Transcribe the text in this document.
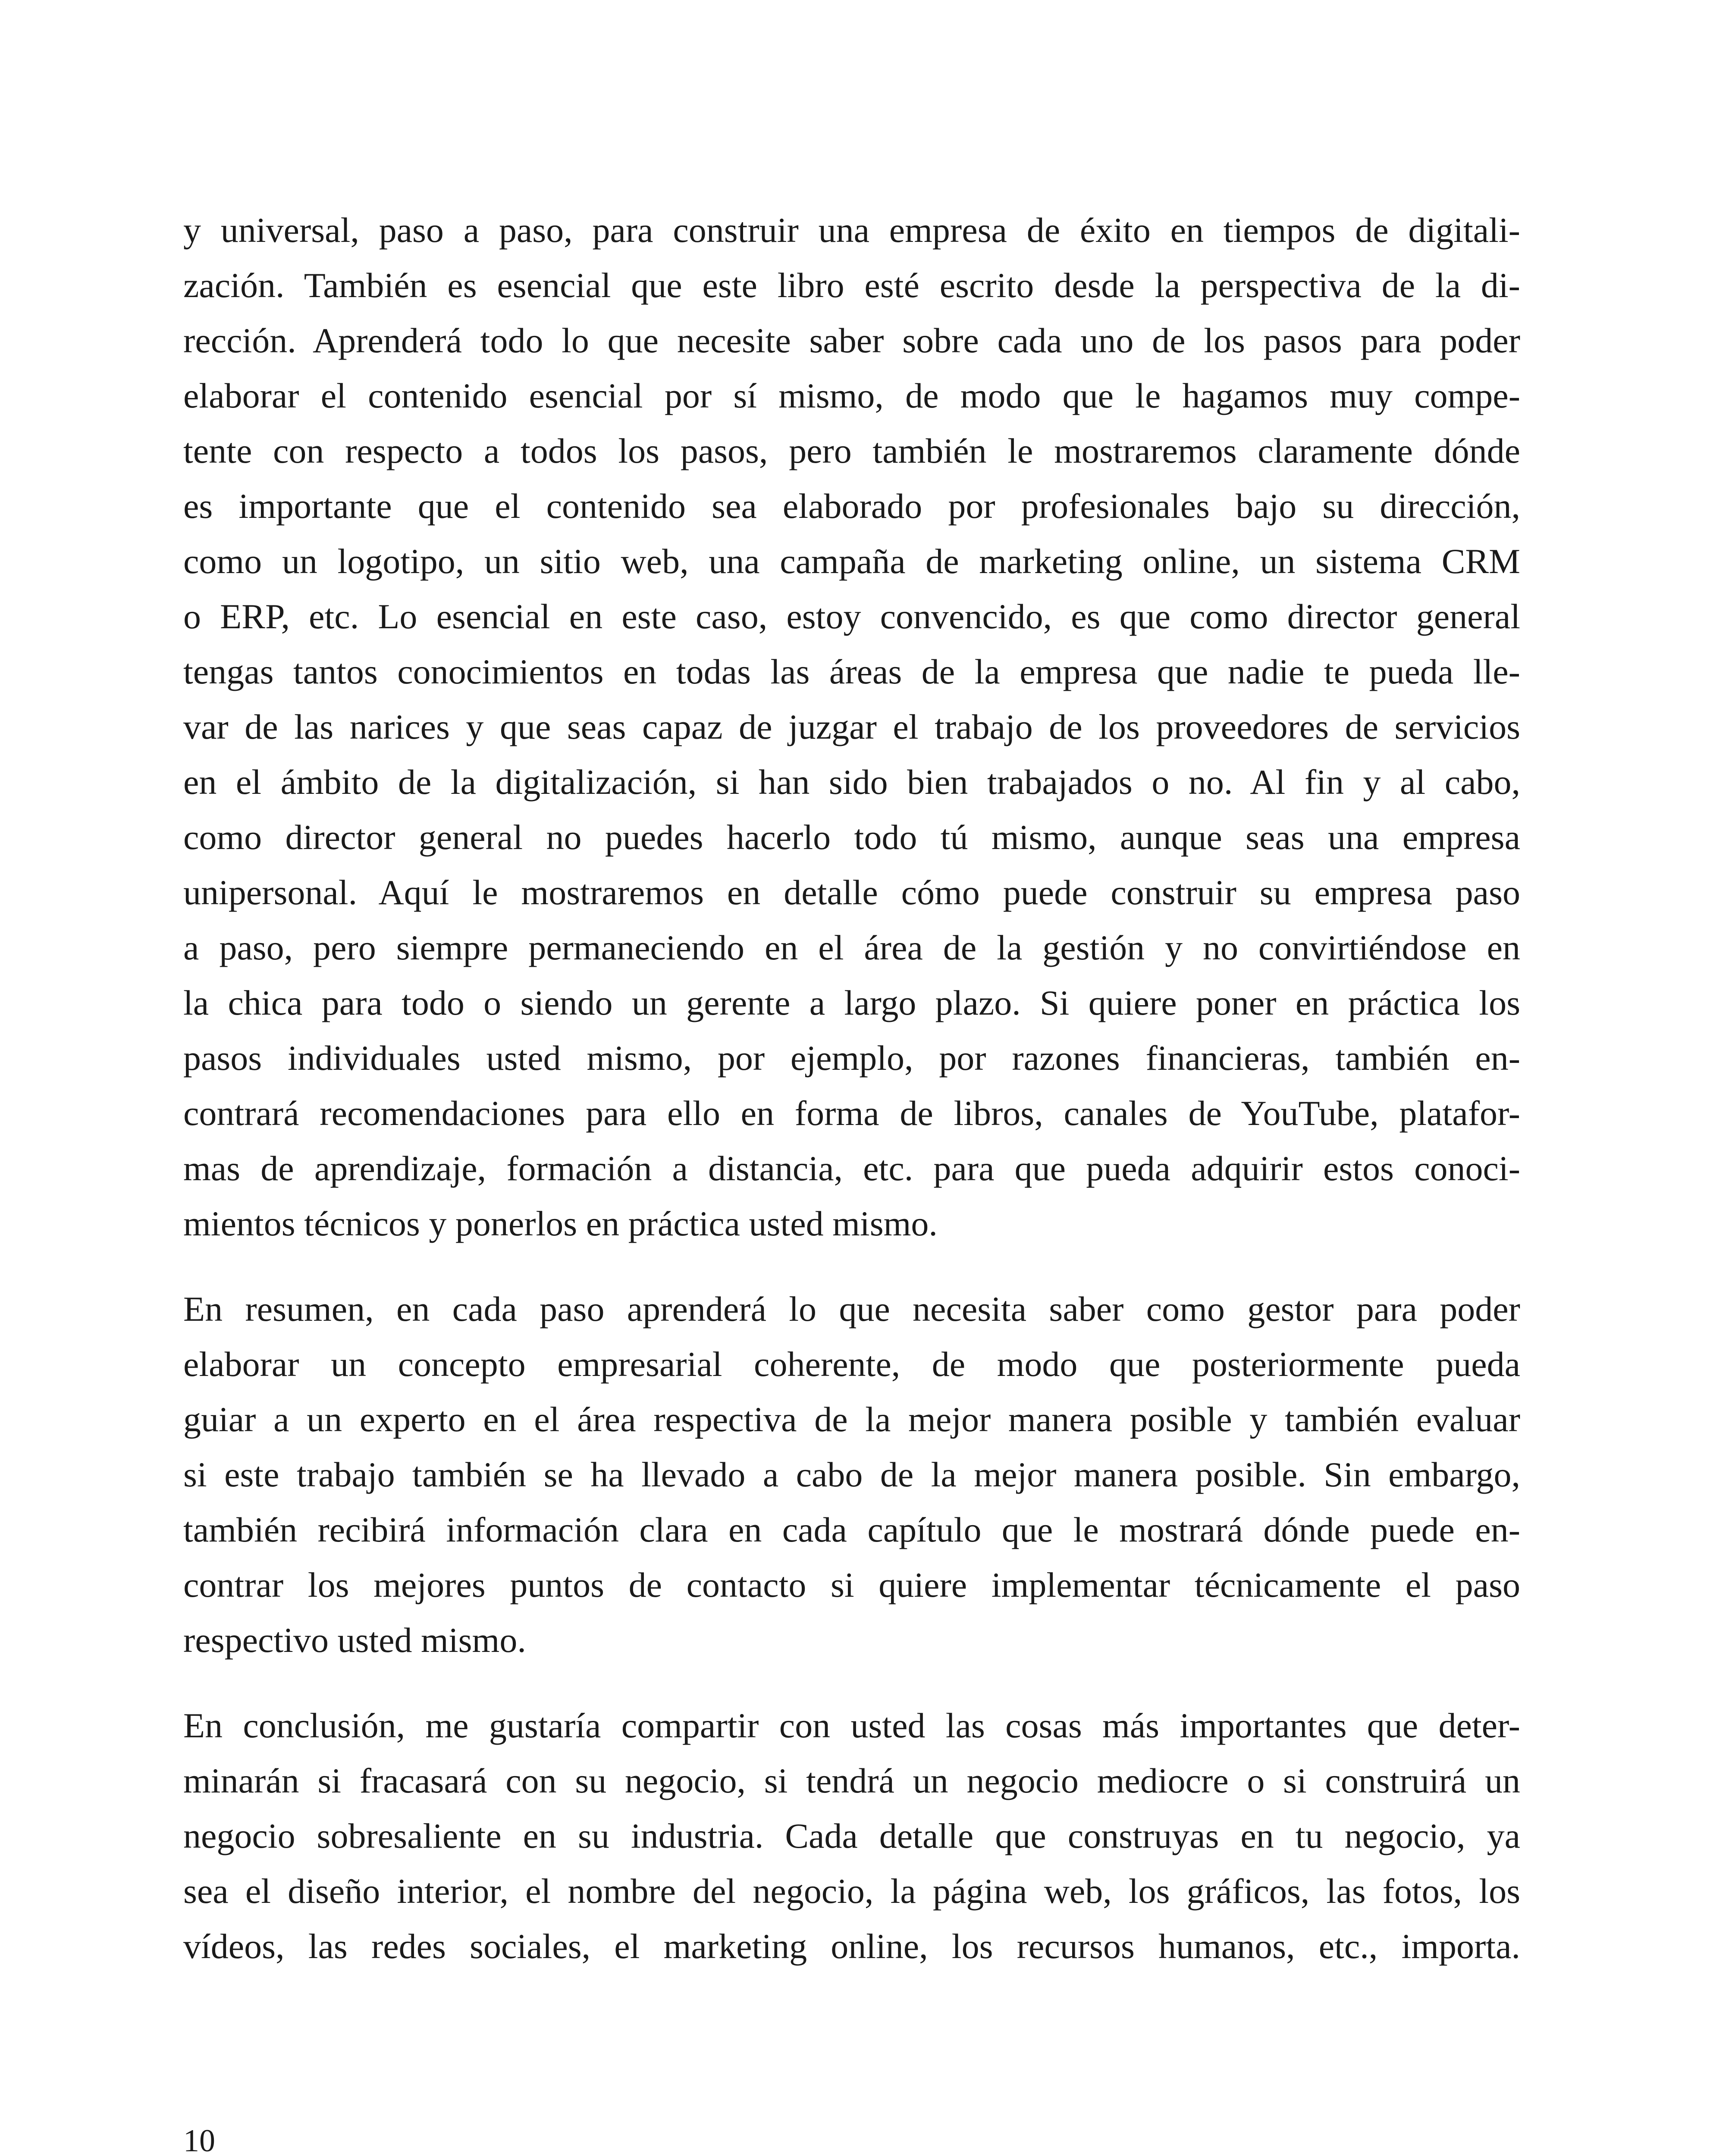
y universal, paso a paso, para construir una empresa de éxito en tiempos de digitali-
zación. También es esencial que este libro esté escrito desde la perspectiva de la di-
rección. Aprenderá todo lo que necesite saber sobre cada uno de los pasos para poder
elaborar el contenido esencial por sí mismo, de modo que le hagamos muy compe-
tente con respecto a todos los pasos, pero también le mostraremos claramente dónde
es importante que el contenido sea elaborado por profesionales bajo su dirección,
como un logotipo, un sitio web, una campaña de marketing online, un sistema CRM
o ERP, etc. Lo esencial en este caso, estoy convencido, es que como director general
tengas tantos conocimientos en todas las áreas de la empresa que nadie te pueda lle-
var de las narices y que seas capaz de juzgar el trabajo de los proveedores de servicios
en el ámbito de la digitalización, si han sido bien trabajados o no. Al fin y al cabo,
como director general no puedes hacerlo todo tú mismo, aunque seas una empresa
unipersonal. Aquí le mostraremos en detalle cómo puede construir su empresa paso
a paso, pero siempre permaneciendo en el área de la gestión y no convirtiéndose en
la chica para todo o siendo un gerente a largo plazo. Si quiere poner en práctica los
pasos individuales usted mismo, por ejemplo, por razones financieras, también en-
contrará recomendaciones para ello en forma de libros, canales de YouTube, platafor-
mas de aprendizaje, formación a distancia, etc. para que pueda adquirir estos conoci-
mientos técnicos y ponerlos en práctica usted mismo.
En resumen, en cada paso aprenderá lo que necesita saber como gestor para poder
elaborar un concepto empresarial coherente, de modo que posteriormente pueda
guiar a un experto en el área respectiva de la mejor manera posible y también evaluar
si este trabajo también se ha llevado a cabo de la mejor manera posible. Sin embargo,
también recibirá información clara en cada capítulo que le mostrará dónde puede en-
contrar los mejores puntos de contacto si quiere implementar técnicamente el paso
respectivo usted mismo.
En conclusión, me gustaría compartir con usted las cosas más importantes que deter-
minarán si fracasará con su negocio, si tendrá un negocio mediocre o si construirá un
negocio sobresaliente en su industria. Cada detalle que construyas en tu negocio, ya
sea el diseño interior, el nombre del negocio, la página web, los gráficos, las fotos, los
vídeos, las redes sociales, el marketing online, los recursos humanos, etc., importa.
10
